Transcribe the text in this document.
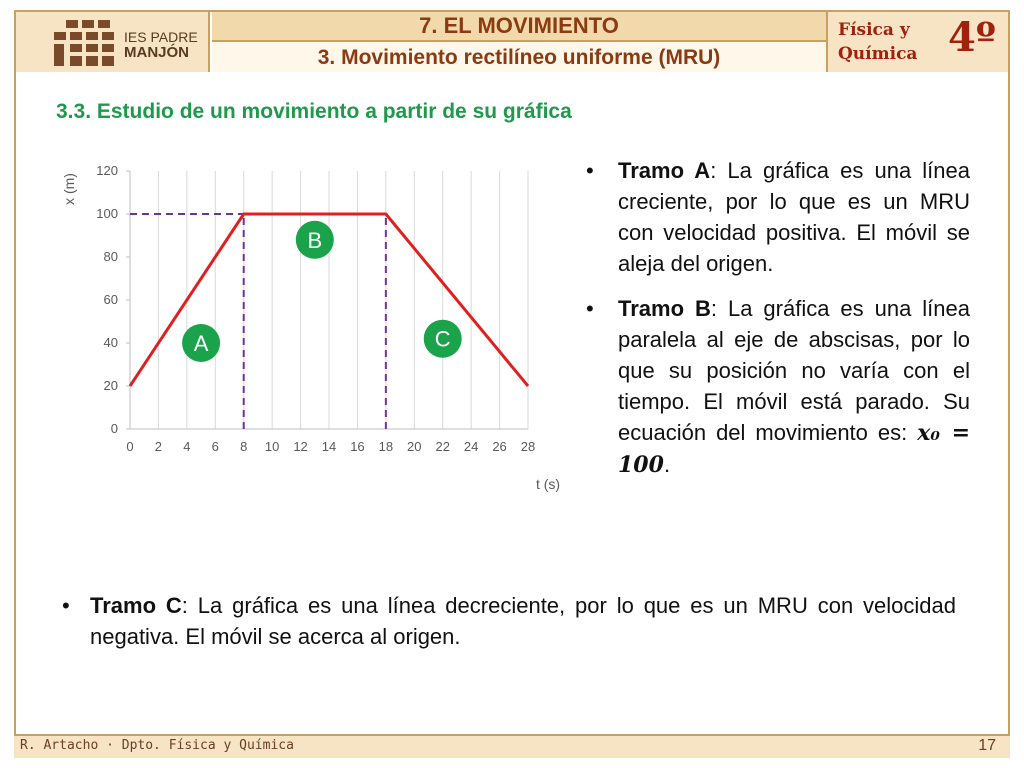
IES PADRE
MANJÓN
7. EL MOVIMIENTO
3. Movimiento rectilíneo uniforme (MRU)
Física y
Química 4º
3.3. Estudio de un movimiento a partir de su gráfica
0
20
40
60
80
100
120
0 2 4 6 8 10 12 14 16 18 20 22 24 26 28
t (s)
x (m)
A
B
C
• Tramo A: La gráfica es una línea creciente, por lo que es un MRU con velocidad positiva. El móvil se aleja del origen.
• Tramo B: La gráfica es una línea paralela al eje de abscisas, por lo que su posición no varía con el tiempo. El móvil está parado. Su ecuación del movimiento es: x₀ = 100.
• Tramo C: La gráfica es una línea decreciente, por lo que es un MRU con velocidad negativa. El móvil se acerca al origen.
R. Artacho · Dpto. Física y Química	17
